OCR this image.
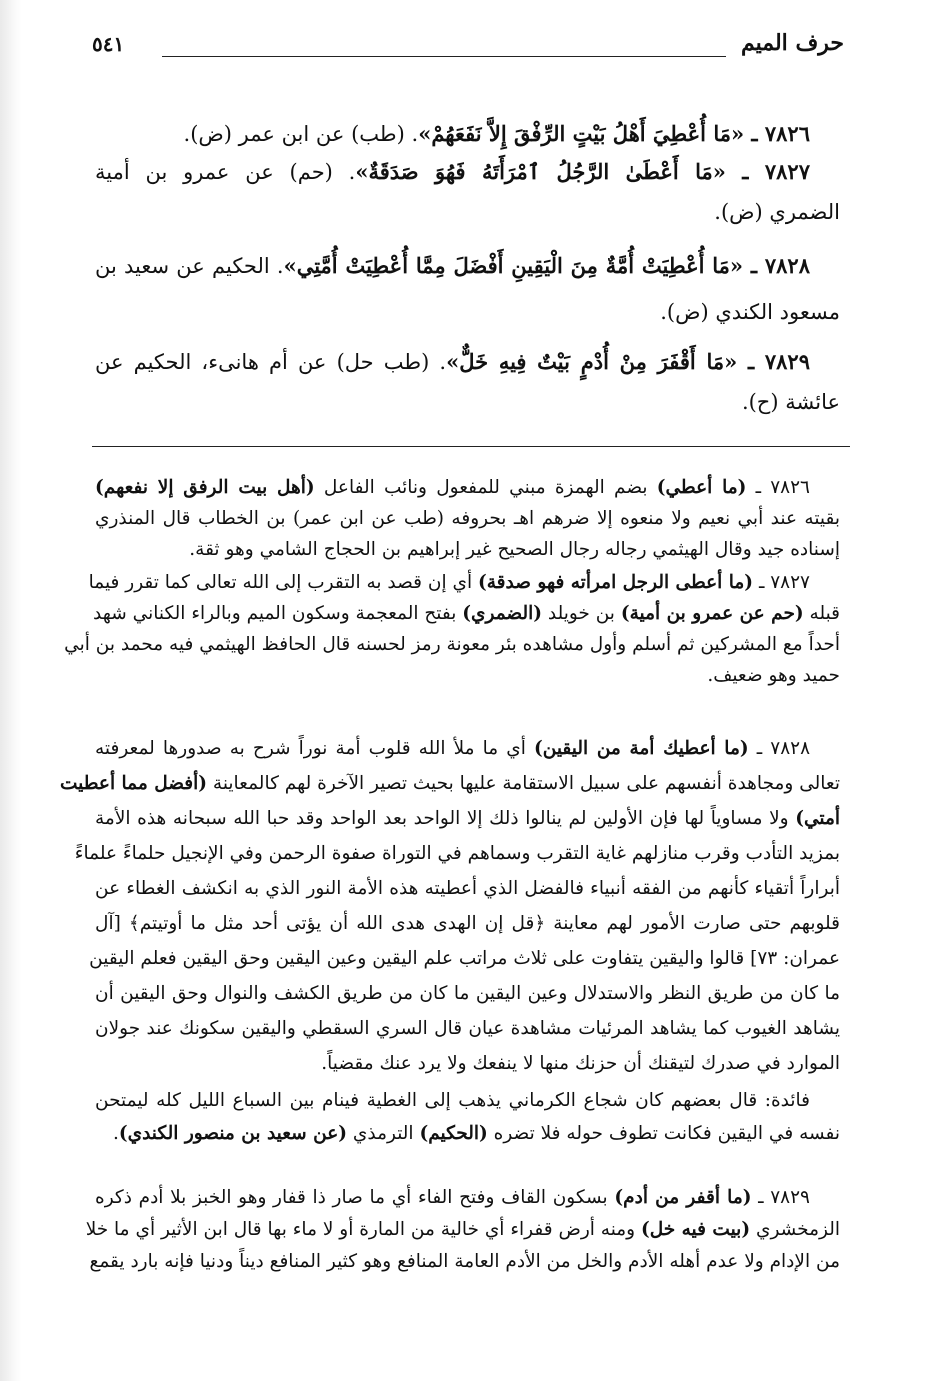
حرف الميم
٥٤١
٧٨٢٦ ـ «مَا أُعْطِيَ أَهْلُ بَيْتٍ الرِّفْقَ إِلاَّ نَفَعَهُمْ». (طب) عن ابن عمر (ض).
٧٨٢٧ ـ «مَا أَعْطَىٰ الرَّجُلُ ٱمْرَأَتَهُ فَهُوَ صَدَقَةٌ». (حم) عن عمرو بن أمية
الضمري (ض).
٧٨٢٨ ـ «مَا أُعْطِيَتْ أُمَّةٌ مِنَ الْيَقِينِ أَفْضَلَ مِمَّا أُعْطِيَتْ أُمَّتِي». الحكيم عن سعيد بن
مسعود الكندي (ض).
٧٨٢٩ ـ «مَا أَقْفَرَ مِنْ أُدْمٍ بَيْتٌ فِيهِ خَلٌّ». (طب حل) عن أم هانىء، الحكيم عن
عائشة (ح).
٧٨٢٦ ـ (ما أعطي) بضم الهمزة مبني للمفعول ونائب الفاعل (أهل بيت الرفق إلا نفعهم)
بقيته عند أبي نعيم ولا منعوه إلا ضرهم اهـ بحروفه (طب عن ابن عمر) بن الخطاب قال المنذري
إسناده جيد وقال الهيثمي رجاله رجال الصحيح غير إبراهيم بن الحجاج الشامي وهو ثقة.
٧٨٢٧ ـ (ما أعطى الرجل امرأته فهو صدقة) أي إن قصد به التقرب إلى الله تعالى كما تقرر فيما
قبله (حم عن عمرو بن أمية) بن خويلد (الضمري) بفتح المعجمة وسكون الميم وبالراء الكناني شهد
أحداً مع المشركين ثم أسلم وأول مشاهده بئر معونة رمز لحسنه قال الحافظ الهيثمي فيه محمد بن أبي
حميد وهو ضعيف.
٧٨٢٨ ـ (ما أعطيك أمة من اليقين) أي ما ملأ الله قلوب أمة نوراً شرح به صدورها لمعرفته
تعالى ومجاهدة أنفسهم على سبيل الاستقامة عليها بحيث تصير الآخرة لهم كالمعاينة (أفضل مما أعطيت
أمتي) ولا مساوياً لها فإن الأولين لم ينالوا ذلك إلا الواحد بعد الواحد وقد حبا الله سبحانه هذه الأمة
بمزيد التأدب وقرب منازلهم غاية التقرب وسماهم في التوراة صفوة الرحمن وفي الإنجيل حلماءً علماءً
أبراراً أتقياء كأنهم من الفقه أنبياء فالفضل الذي أعطيته هذه الأمة النور الذي به انكشف الغطاء عن
قلوبهم حتى صارت الأمور لهم معاينة ﴿قل إن الهدى هدى الله أن يؤتى أحد مثل ما أوتيتم﴾ [آل
عمران: ٧٣] قالوا واليقين يتفاوت على ثلاث مراتب علم اليقين وعين اليقين وحق اليقين فعلم اليقين
ما كان من طريق النظر والاستدلال وعين اليقين ما كان من طريق الكشف والنوال وحق اليقين أن
يشاهد الغيوب كما يشاهد المرئيات مشاهدة عيان قال السري السقطي واليقين سكونك عند جولان
الموارد في صدرك لتيقنك أن حزنك منها لا ينفعك ولا يرد عنك مقضياً.
فائدة: قال بعضهم كان شجاع الكرماني يذهب إلى الغطية فينام بين السباع الليل كله ليمتحن
نفسه في اليقين فكانت تطوف حوله فلا تضره (الحكيم) الترمذي (عن سعيد بن منصور الكندي).
٧٨٢٩ ـ (ما أقفر من أدم) بسكون القاف وفتح الفاء أي ما صار ذا قفار وهو الخبز بلا أدم ذكره
الزمخشري (بيت فيه خل) ومنه أرض قفراء أي خالية من المارة أو لا ماء بها قال ابن الأثير أي ما خلا
من الإدام ولا عدم أهله الأدم والخل من الأدم العامة المنافع وهو كثير المنافع ديناً ودنيا فإنه بارد يقمع
